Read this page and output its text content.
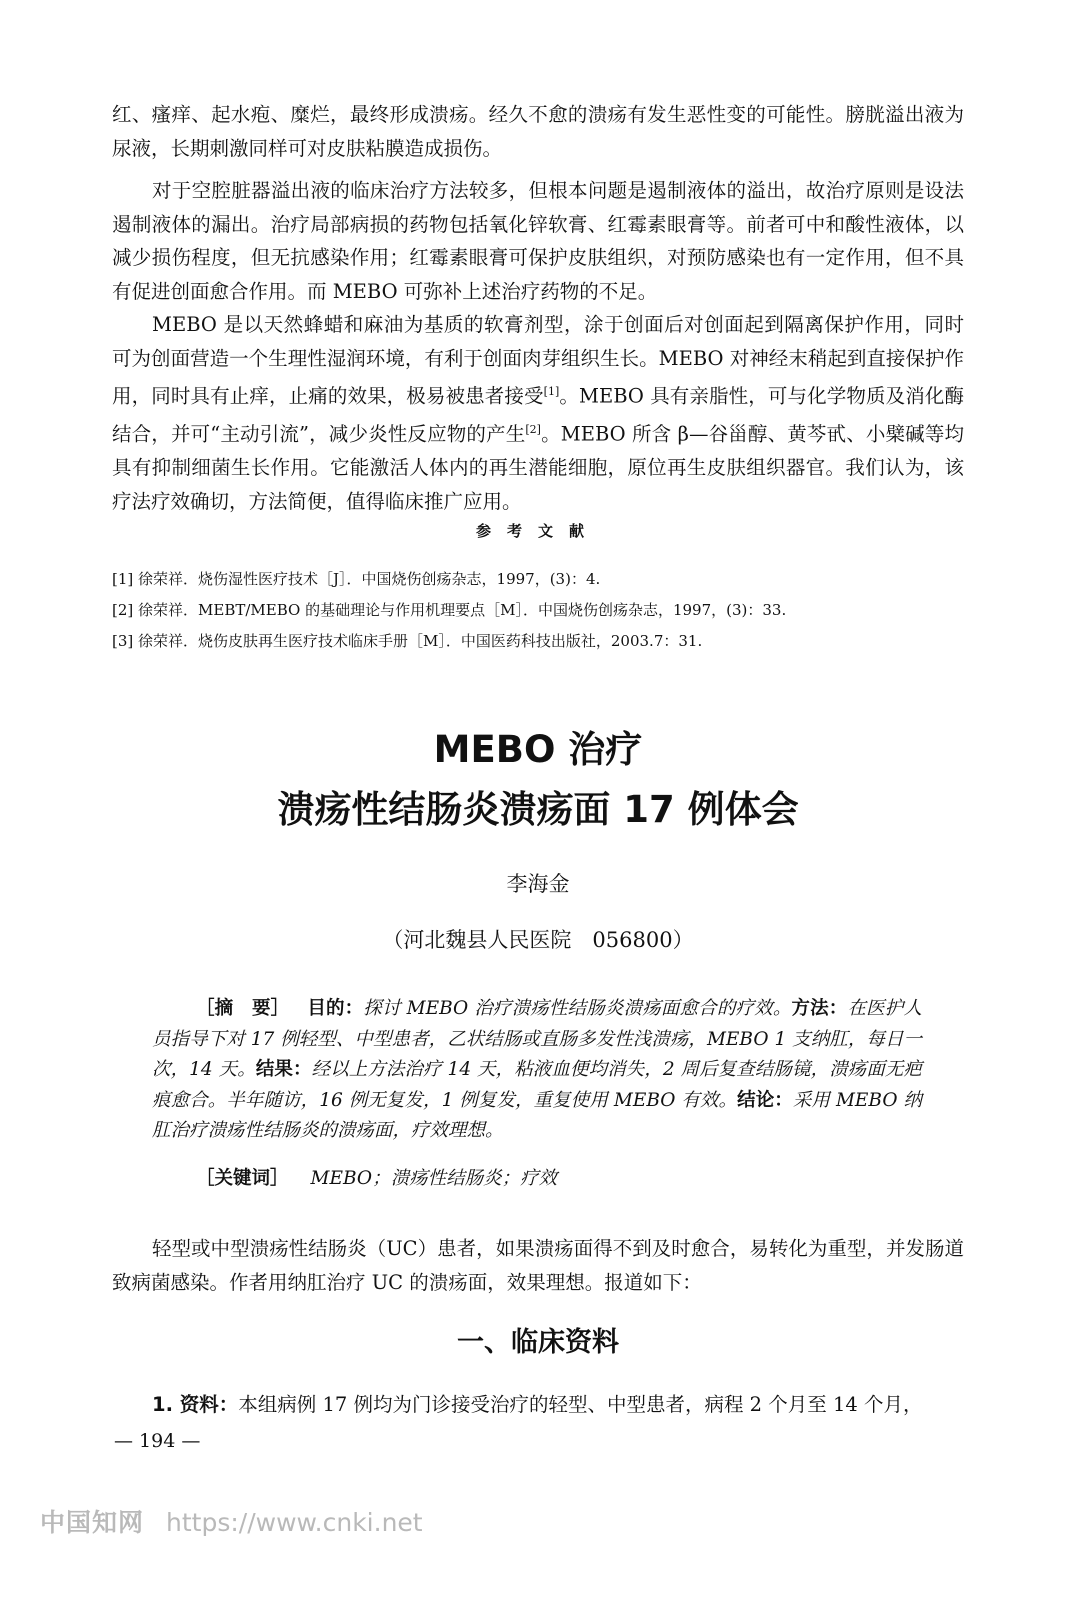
红、瘙痒、起水疱、糜烂，最终形成溃疡。经久不愈的溃疡有发生恶性变的可能性。膀胱溢出液为尿液，长期刺激同样可对皮肤粘膜造成损伤。
对于空腔脏器溢出液的临床治疗方法较多，但根本问题是遏制液体的溢出，故治疗原则是设法遏制液体的漏出。治疗局部病损的药物包括氧化锌软膏、红霉素眼膏等。前者可中和酸性液体，以减少损伤程度，但无抗感染作用；红霉素眼膏可保护皮肤组织，对预防感染也有一定作用，但不具有促进创面愈合作用。而 MEBO 可弥补上述治疗药物的不足。
MEBO 是以天然蜂蜡和麻油为基质的软膏剂型，涂于创面后对创面起到隔离保护作用，同时可为创面营造一个生理性湿润环境，有利于创面肉芽组织生长。MEBO 对神经末稍起到直接保护作用，同时具有止痒，止痛的效果，极易被患者接受[1]。MEBO 具有亲脂性，可与化学物质及消化酶结合，并可“主动引流”，减少炎性反应物的产生[2]。MEBO 所含 β—谷甾醇、黄芩甙、小檗碱等均具有抑制细菌生长作用。它能激活人体内的再生潜能细胞，原位再生皮肤组织器官。我们认为，该疗法疗效确切，方法简便，值得临床推广应用。
参考文献
[1] 徐荣祥．烧伤湿性医疗技术［J］．中国烧伤创疡杂志，1997，(3)：4.
[2] 徐荣祥．MEBT/MEBO 的基础理论与作用机理要点［M］．中国烧伤创疡杂志，1997，(3)：33.
[3] 徐荣祥．烧伤皮肤再生医疗技术临床手册［M］．中国医药科技出版社，2003.7：31.
MEBO 治疗
溃疡性结肠炎溃疡面 17 例体会
李海金
（河北魏县人民医院　056800）
［摘　要］ 目的：探讨 MEBO 治疗溃疡性结肠炎溃疡面愈合的疗效。方法：在医护人员指导下对 17 例轻型、中型患者，乙状结肠或直肠多发性浅溃疡，MEBO 1 支纳肛，每日一次，14 天。结果：经以上方法治疗 14 天，粘液血便均消失，2 周后复查结肠镜，溃疡面无疤痕愈合。半年随访，16 例无复发，1 例复发，重复使用 MEBO 有效。结论：采用 MEBO 纳肛治疗溃疡性结肠炎的溃疡面，疗效理想。
［关键词］ MEBO；溃疡性结肠炎；疗效
轻型或中型溃疡性结肠炎（UC）患者，如果溃疡面得不到及时愈合，易转化为重型，并发肠道致病菌感染。作者用纳肛治疗 UC 的溃疡面，效果理想。报道如下：
一、临床资料
1. 资料：本组病例 17 例均为门诊接受治疗的轻型、中型患者，病程 2 个月至 14 个月，
— 194 —
中国知网 https://www.cnki.net
